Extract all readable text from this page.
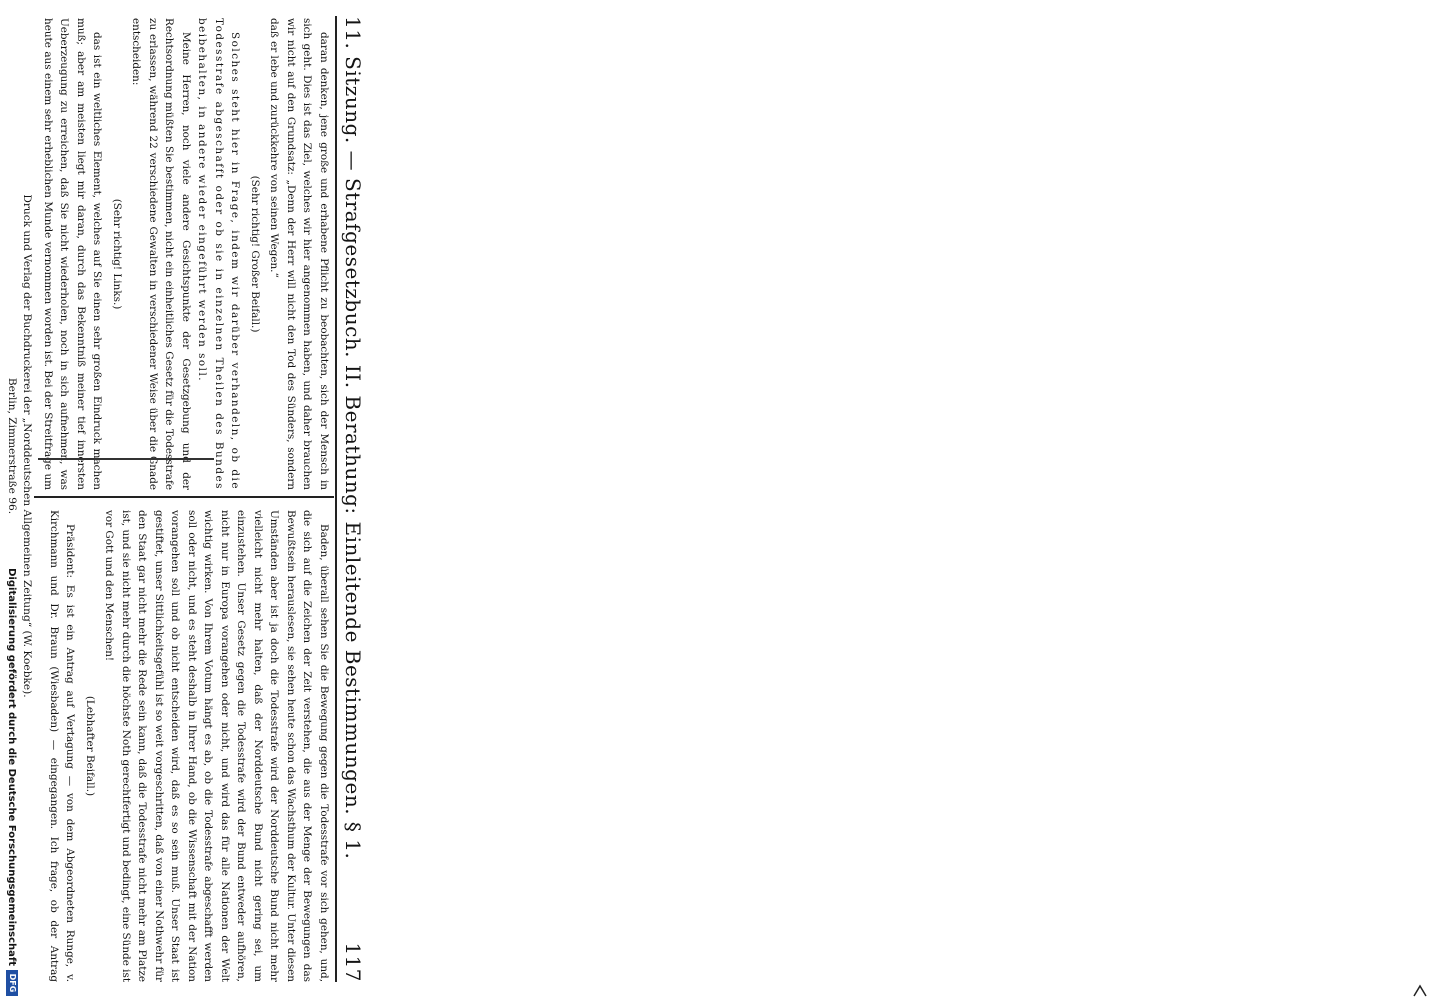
11. Sitzung. — Strafgesetzbuch. II. Berathung: Einleitende Bestimmungen. § 1.
117

daran denken, jene große und erhabene Pflicht zu beobachten, sich der Mensch in sich geht. Dies ist das Ziel, welches wir hier angenommen haben, und daher brauchen wir nicht auf den Grundsatz: „Denn der Herr will nicht den Tod des Sünders, sondern daß er lebe und zurückkehre von seinen Wegen.“

(Sehr richtig! Großer Beifall.)

Solches steht hier in Frage, indem wir darüber verhandeln, ob die Todesstrafe abgeschafft oder ob sie in einzelnen Theilen des Bundes beibehalten, in andere wieder eingeführt werden soll.

Meine Herren, noch viele andere Gesichtspunkte der Gesetzgebung und der Rechtsordnung müßten Sie bestimmen, nicht ein einheitliches Gesetz für die Todesstrafe zu erlassen, während 22 verschiedene Gewalten in verschiedener Weise über die Gnade entscheiden:

(Sehr richtig! Links.)

das ist ein weltliches Element, welches auf Sie einen sehr großen Eindruck machen muß; aber am meisten liegt mir daran, durch das Bekenntniß meiner tief innersten Ueberzeugung zu erreichen, daß Sie nicht wiederholen, noch in sich aufnehmen, was heute aus einem sehr erheblichen Munde vernommen worden ist. Bei der Streitfrage um

Baden, überall sehen Sie die Bewegung gegen die Todesstrafe vor sich gehen, und, die sich auf die Zeichen der Zeit verstehen, die aus der Menge der Bewegungen das Bewußtsein herauslesen, sie sehen heute schon das Wachsthum der Kultur. Unter diesen Umständen aber ist ja doch die Todesstrafe wird der Norddeutsche Bund nicht mehr vielleicht nicht mehr halten, daß der Norddeutsche Bund nicht gering sei, um einzustehen. Unser Gesetz gegen die Todesstrafe wird der Bund entweder aufhören, nicht nur in Europa vorangehen oder nicht, und wird das für alle Nationen der Welt wichtig wirken. Von Ihrem Votum hängt es ab, ob die Todesstrafe abgeschafft werden soll oder nicht, und es steht deshalb in Ihrer Hand, ob die Wissenschaft mit der Nation vorangehen soll und ob nicht entscheiden wird, daß es so sein muß. Unser Staat ist gestiftet, unser Sittlichkeitsgefühl ist so weit vorgeschritten, daß von einer Nothwehr für den Staat gar nicht mehr die Rede sein kann, daß die Todesstrafe nicht mehr am Platze ist, und sie nicht mehr durch die höchste Noth gerechtfertigt und bedingt, eine Sünde ist vor Gott und den Menschen!

(Lebhafter Beifall.)

Präsident: Es ist ein Antrag auf Vertagung — von dem Abgeordneten Runge, v. Kirchmann und Dr. Braun (Wiesbaden) — eingegangen. Ich frage, ob der Antrag

Druck und Verlag der Buchdruckerei der „Norddeutschen Allgemeinen Zeitung“ (W. Koebke).
Berlin, Zimmerstraße 96.
Digitalisierung gefördert durch die Deutsche Forschungsgemeinschaft
DFG
